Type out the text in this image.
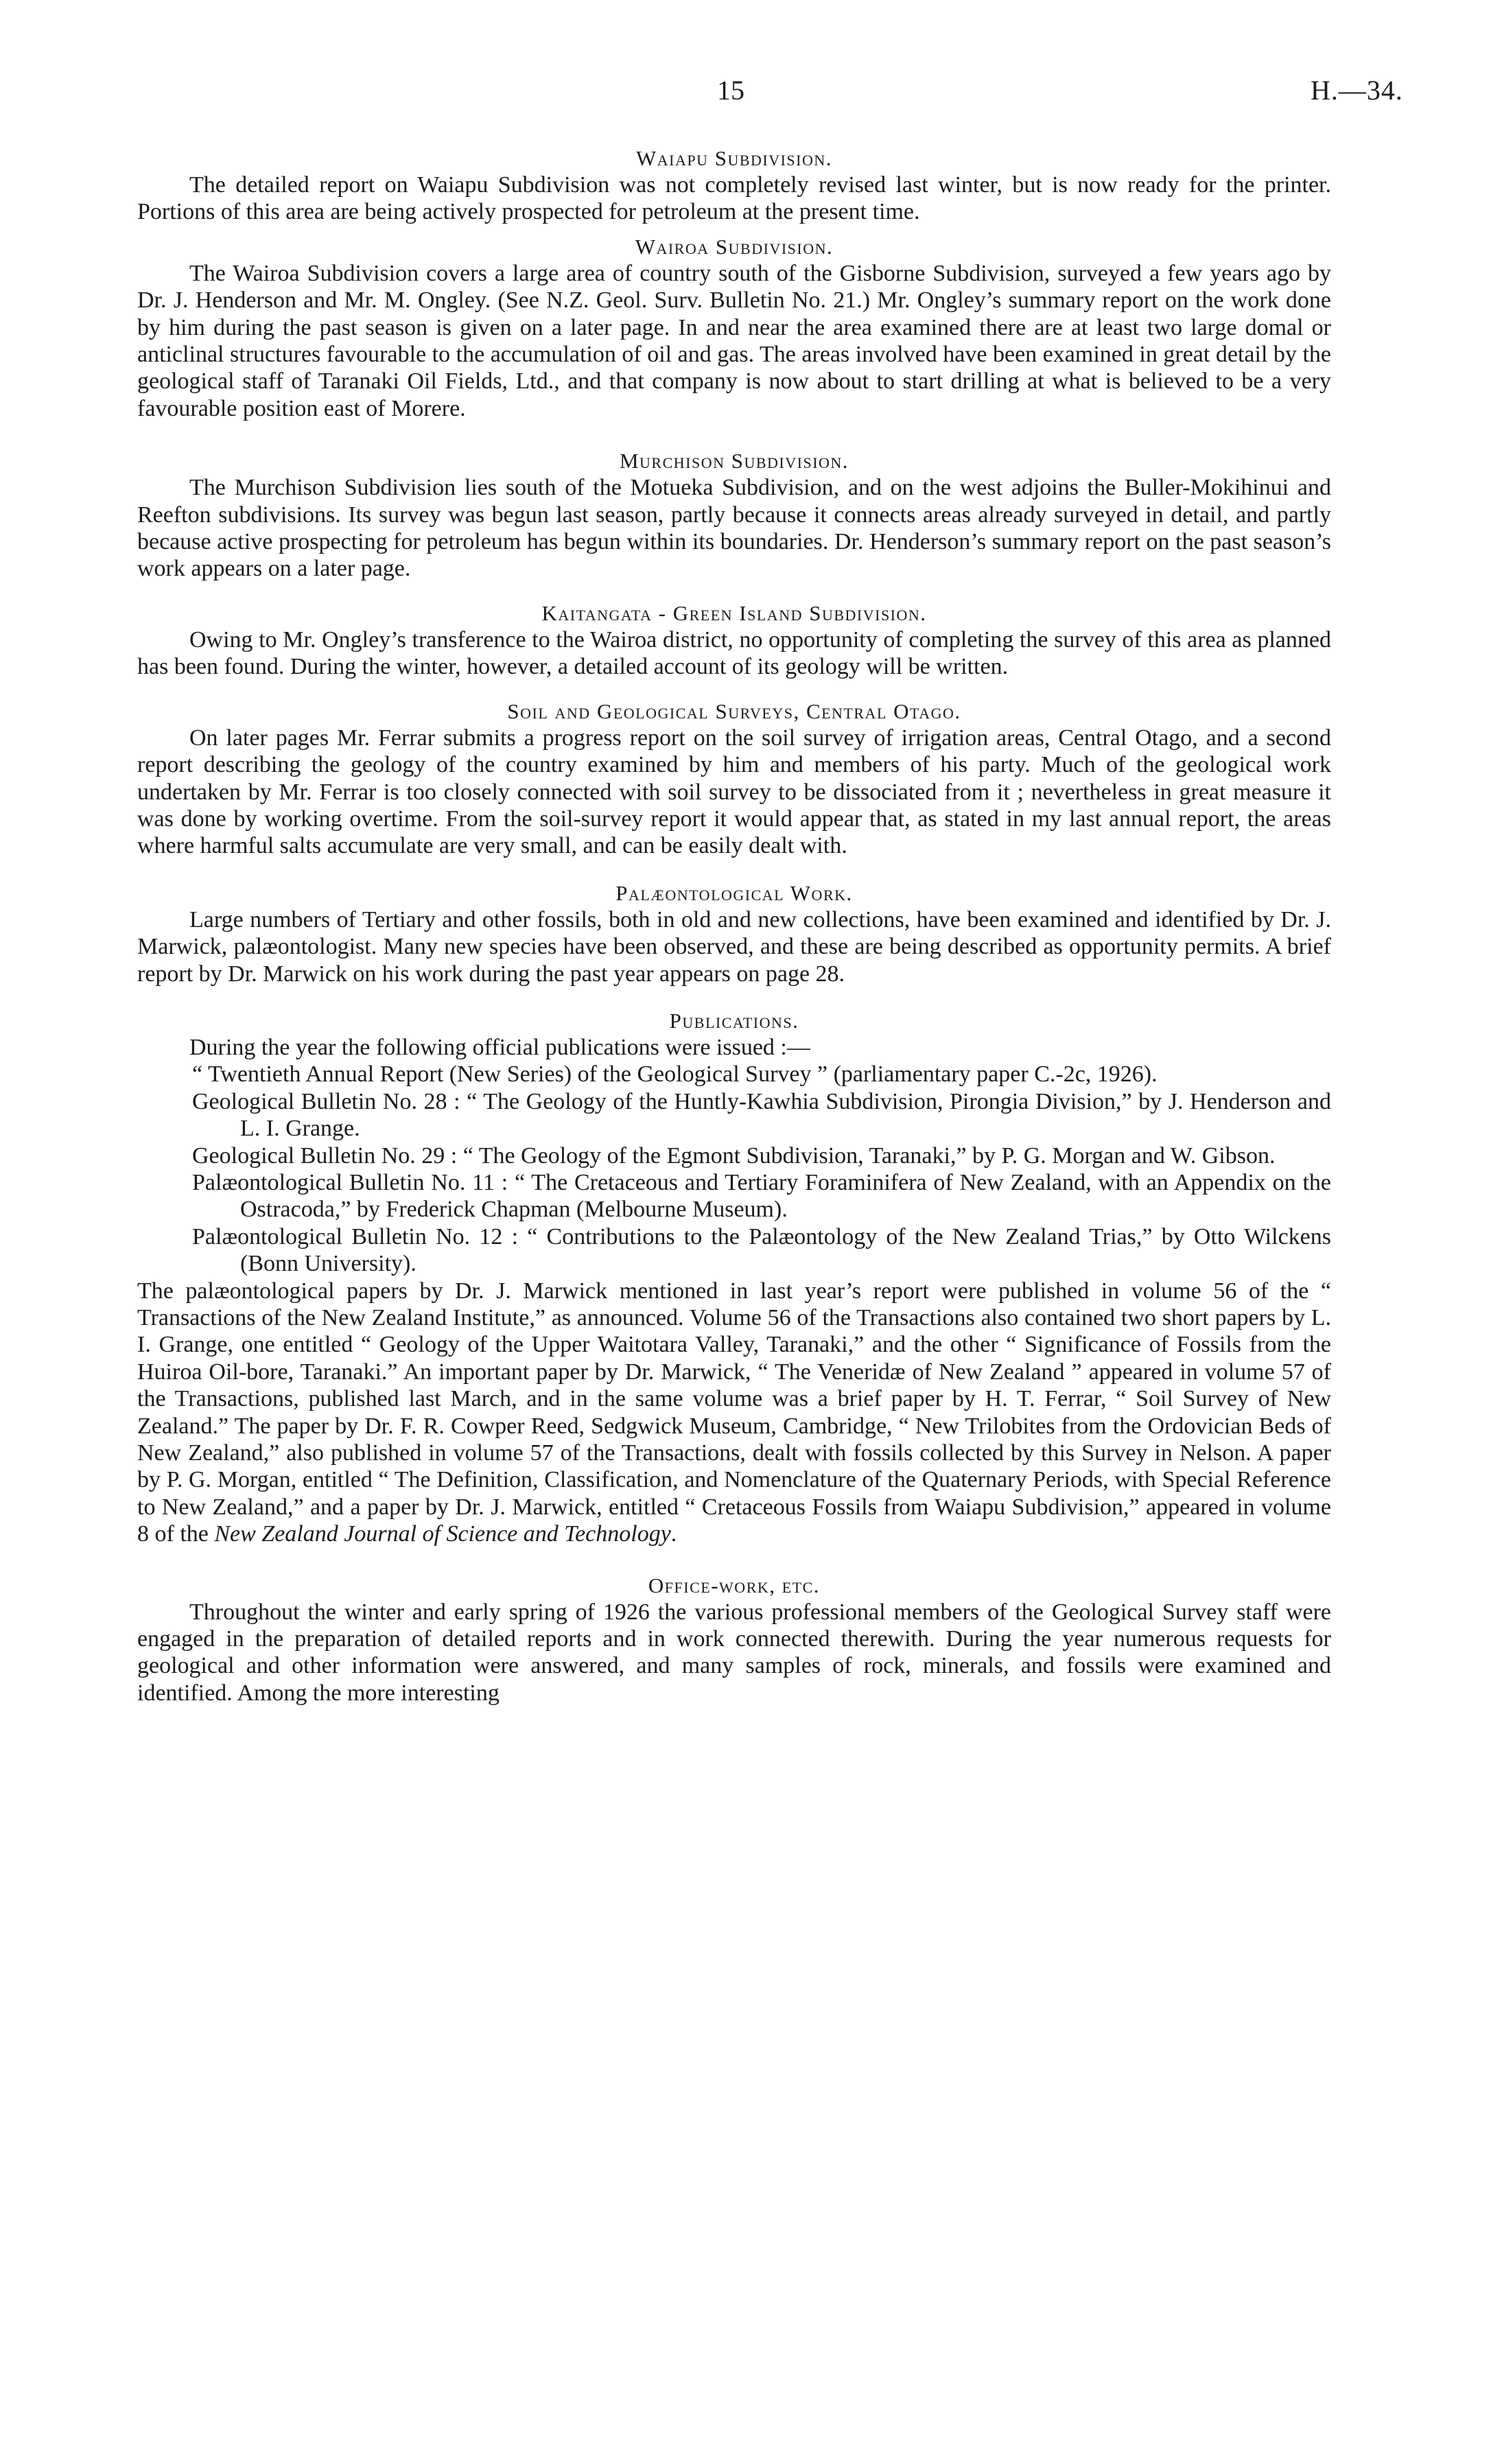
15	H.—34.
Waiapu Subdivision.

The detailed report on Waiapu Subdivision was not completely revised last winter, but is now ready for the printer. Portions of this area are being actively prospected for petroleum at the present time.

Wairoa Subdivision.

The Wairoa Subdivision covers a large area of country south of the Gisborne Subdivision, surveyed a few years ago by Dr. J. Henderson and Mr. M. Ongley. (See N.Z. Geol. Surv. Bulletin No. 21.) Mr. Ongley’s summary report on the work done by him during the past season is given on a later page. In and near the area examined there are at least two large domal or anticlinal structures favourable to the accumulation of oil and gas. The areas involved have been examined in great detail by the geological staff of Taranaki Oil Fields, Ltd., and that company is now about to start drilling at what is believed to be a very favourable position east of Morere.

Murchison Subdivision.

The Murchison Subdivision lies south of the Motueka Subdivision, and on the west adjoins the Buller-Mokihinui and Reefton subdivisions. Its survey was begun last season, partly because it connects areas already surveyed in detail, and partly because active prospecting for petroleum has begun within its boundaries. Dr. Henderson’s summary report on the past season’s work appears on a later page.

Kaitangata - Green Island Subdivision.

Owing to Mr. Ongley’s transference to the Wairoa district, no opportunity of completing the survey of this area as planned has been found. During the winter, however, a detailed account of its geology will be written.

Soil and Geological Surveys, Central Otago.

On later pages Mr. Ferrar submits a progress report on the soil survey of irrigation areas, Central Otago, and a second report describing the geology of the country examined by him and members of his party. Much of the geological work undertaken by Mr. Ferrar is too closely connected with soil survey to be dissociated from it ; nevertheless in great measure it was done by working overtime. From the soil-survey report it would appear that, as stated in my last annual report, the areas where harmful salts accumulate are very small, and can be easily dealt with.

Palæontological Work.

Large numbers of Tertiary and other fossils, both in old and new collections, have been examined and identified by Dr. J. Marwick, palæontologist. Many new species have been observed, and these are being described as opportunity permits. A brief report by Dr. Marwick on his work during the past year appears on page 28.

Publications.

During the year the following official publications were issued :—

“ Twentieth Annual Report (New Series) of the Geological Survey ” (parliamentary paper C.-2c, 1926).

Geological Bulletin No. 28 : “ The Geology of the Huntly-Kawhia Subdivision, Pirongia Division,” by J. Henderson and L. I. Grange.

Geological Bulletin No. 29 : “ The Geology of the Egmont Subdivision, Taranaki,” by P. G. Morgan and W. Gibson.

Palæontological Bulletin No. 11 : “ The Cretaceous and Tertiary Foraminifera of New Zealand, with an Appendix on the Ostracoda,” by Frederick Chapman (Melbourne Museum).

Palæontological Bulletin No. 12 : “ Contributions to the Palæontology of the New Zealand Trias,” by Otto Wilckens (Bonn University).

The palæontological papers by Dr. J. Marwick mentioned in last year’s report were published in volume 56 of the “ Transactions of the New Zealand Institute,” as announced. Volume 56 of the Transactions also contained two short papers by L. I. Grange, one entitled “ Geology of the Upper Waitotara Valley, Taranaki,” and the other “ Significance of Fossils from the Huiroa Oil-bore, Taranaki.” An important paper by Dr. Marwick, “ The Veneridæ of New Zealand ” appeared in volume 57 of the Transactions, published last March, and in the same volume was a brief paper by H. T. Ferrar, “ Soil Survey of New Zealand.” The paper by Dr. F. R. Cowper Reed, Sedgwick Museum, Cambridge, “ New Trilobites from the Ordovician Beds of New Zealand,” also published in volume 57 of the Transactions, dealt with fossils collected by this Survey in Nelson. A paper by P. G. Morgan, entitled “ The Definition, Classification, and Nomenclature of the Quaternary Periods, with Special Reference to New Zealand,” and a paper by Dr. J. Marwick, entitled “ Cretaceous Fossils from Waiapu Subdivision,” appeared in volume 8 of the New Zealand Journal of Science and Technology.

Office-work, etc.

Throughout the winter and early spring of 1926 the various professional members of the Geological Survey staff were engaged in the preparation of detailed reports and in work connected therewith. During the year numerous requests for geological and other information were answered, and many samples of rock, minerals, and fossils were examined and identified. Among the more interesting
